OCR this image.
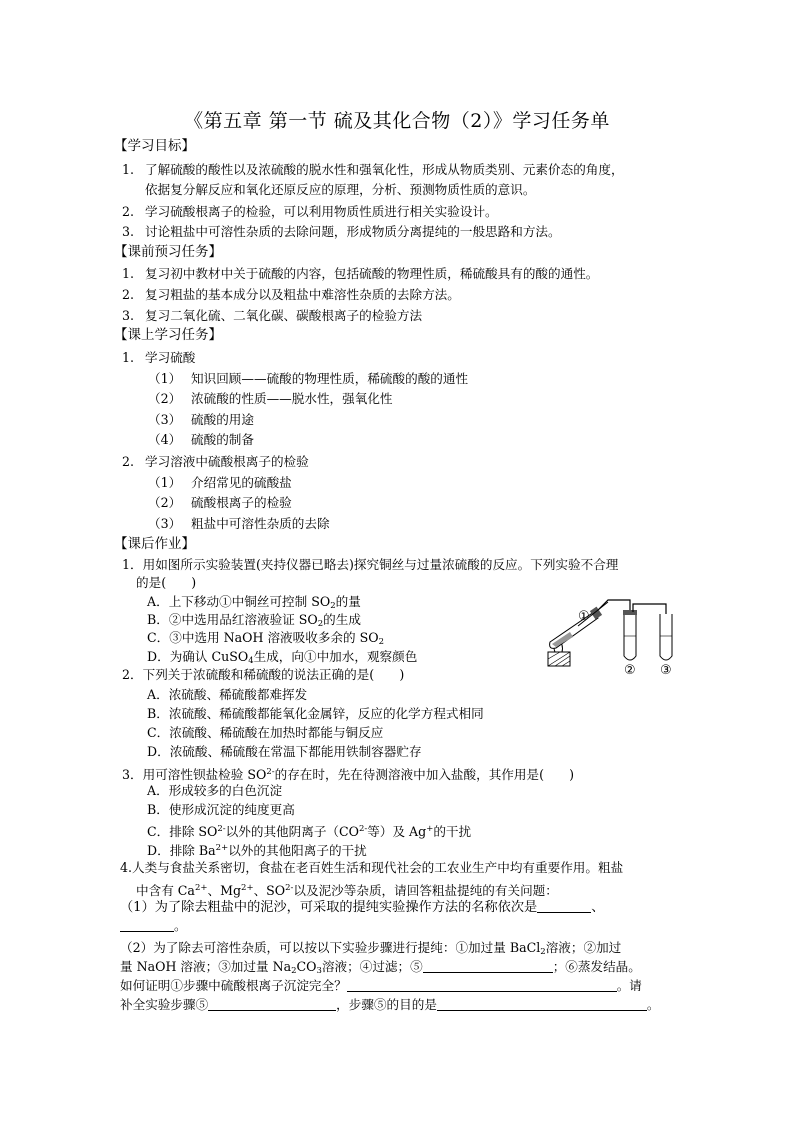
《第五章 第一节 硫及其化合物（2）》学习任务单
【学习目标】
1. 了解硫酸的酸性以及浓硫酸的脱水性和强氧化性，形成从物质类别、元素价态的角度，
依据复分解反应和氧化还原反应的原理，分析、预测物质性质的意识。
2. 学习硫酸根离子的检验，可以利用物质性质进行相关实验设计。
3. 讨论粗盐中可溶性杂质的去除问题，形成物质分离提纯的一般思路和方法。
【课前预习任务】
1. 复习初中教材中关于硫酸的内容，包括硫酸的物理性质，稀硫酸具有的酸的通性。
2. 复习粗盐的基本成分以及粗盐中难溶性杂质的去除方法。
3. 复习二氧化硫、二氧化碳、碳酸根离子的检验方法
【课上学习任务】
1. 学习硫酸
（1） 知识回顾——硫酸的物理性质，稀硫酸的酸的通性
（2） 浓硫酸的性质——脱水性，强氧化性
（3） 硫酸的用途
（4） 硫酸的制备
2. 学习溶液中硫酸根离子的检验
（1） 介绍常见的硫酸盐
（2） 硫酸根离子的检验
（3） 粗盐中可溶性杂质的去除
【课后作业】
1．用如图所示实验装置(夹持仪器已略去)探究铜丝与过量浓硫酸的反应。下列实验不合理
的是(　　)
A．上下移动①中铜丝可控制 $SO_2$的量
B．②中选用品红溶液验证 $SO_2$的生成
C．③中选用 NaOH 溶液吸收多余的 $SO_2$
D．为确认 CuSO$_4$生成，向①中加水，观察颜色
①
② ③
2．下列关于浓硫酸和稀硫酸的说法正确的是(　　)
A．浓硫酸、稀硫酸都难挥发
B．浓硫酸、稀硫酸都能氧化金属锌，反应的化学方程式相同
C．浓硫酸、稀硫酸在加热时都能与铜反应
D．浓硫酸、稀硫酸在常温下都能用铁制容器贮存
3．用可溶性钡盐检验 $SO^{2-}$的存在时，先在待测溶液中加入盐酸，其作用是(　　)
A．形成较多的白色沉淀
B．使形成沉淀的纯度更高
C．排除 $SO^{2-}$以外的其他阴离子（$CO^{2-}$等）及 Ag+的干扰
D．排除 $Ba^{2+}$以外的其他阳离子的干扰
4.人类与食盐关系密切，食盐在老百姓生活和现代社会的工农业生产中均有重要作用。粗盐
中含有 $Ca^{2+}$、$Mg^{2+}$、$SO^{2-}$以及泥沙等杂质，请回答粗盐提纯的有关问题：
（1）为了除去粗盐中的泥沙，可采取的提纯实验操作方法的名称依次是	、
。
（2）为了除去可溶性杂质，可以按以下实验步骤进行提纯：①加过量 BaCl$_2$溶液；②加过
量 NaOH 溶液；③加过量 $Na_2CO_3$溶液；④过滤；⑤	；⑥蒸发结晶。
如何证明①步骤中硫酸根离子沉淀完全？	。请
补全实验步骤⑤	，步骤⑤的目的是	。
